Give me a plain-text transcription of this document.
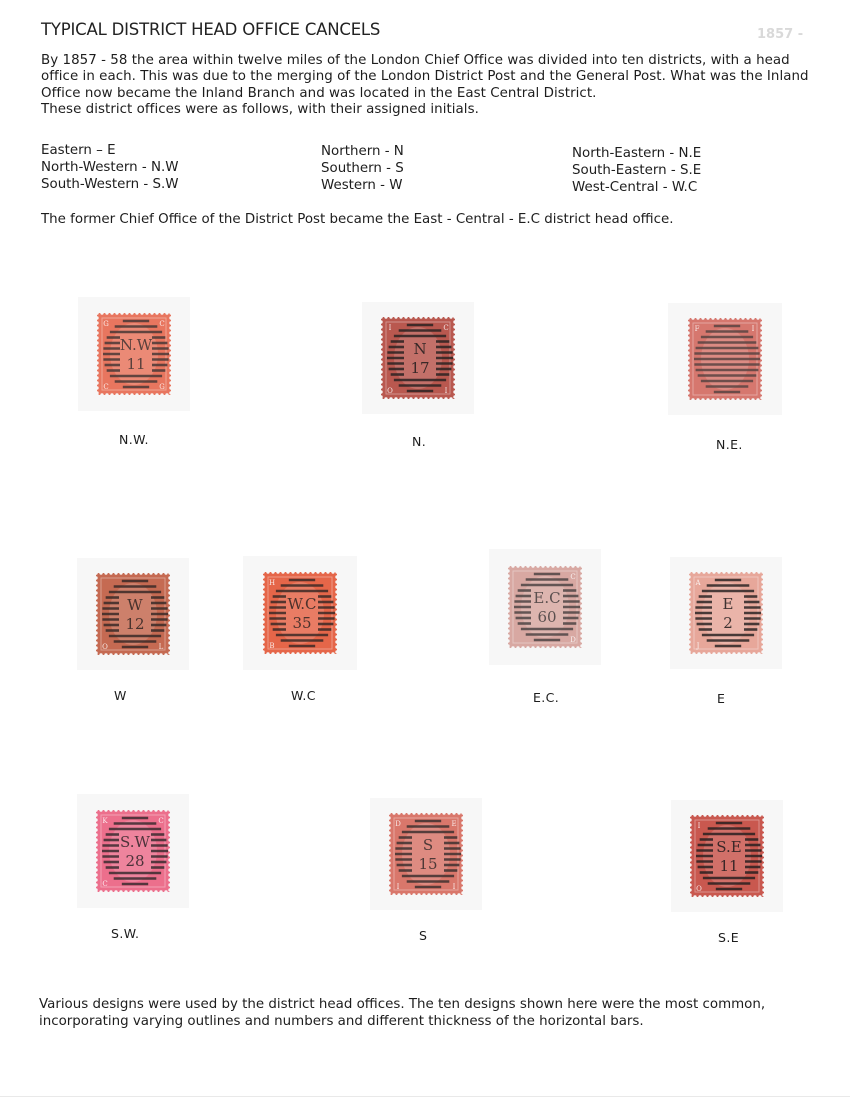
TYPICAL DISTRICT HEAD OFFICE CANCELS	1857 -

By 1857 - 58 the area within twelve miles of the London Chief Office was divided into ten districts, with a head office in each. This was due to the merging of the London District Post and the General Post. What was the Inland Office now became the Inland Branch and was located in the East Central District.

These district offices were as follows, with their assigned initials.

Eastern – E
North-Western - N.W
South-Western - S.W
Northern - N
Southern - S
Western - W
North-Eastern - N.E
South-Eastern - S.E
West-Central - W.C
The former Chief Office of the District Post became the East - Central - E.C district head office.
G	C
C	G
N.W
11
N.W.
I	C
O	I
N
17
N.
F	I
N.E.
O	L
W
12
W
H
B
W.C
35
W.C
C
D
E.C
60
E.C.
A
J
E
2
E
K	C
C
S.W
28
S.W.
D	E
I	I
S
15
S
I
O
S.E
11
S.E

Various designs were used by the district head offices. The ten designs shown here were the most common, incorporating varying outlines and numbers and different thickness of the horizontal bars.
